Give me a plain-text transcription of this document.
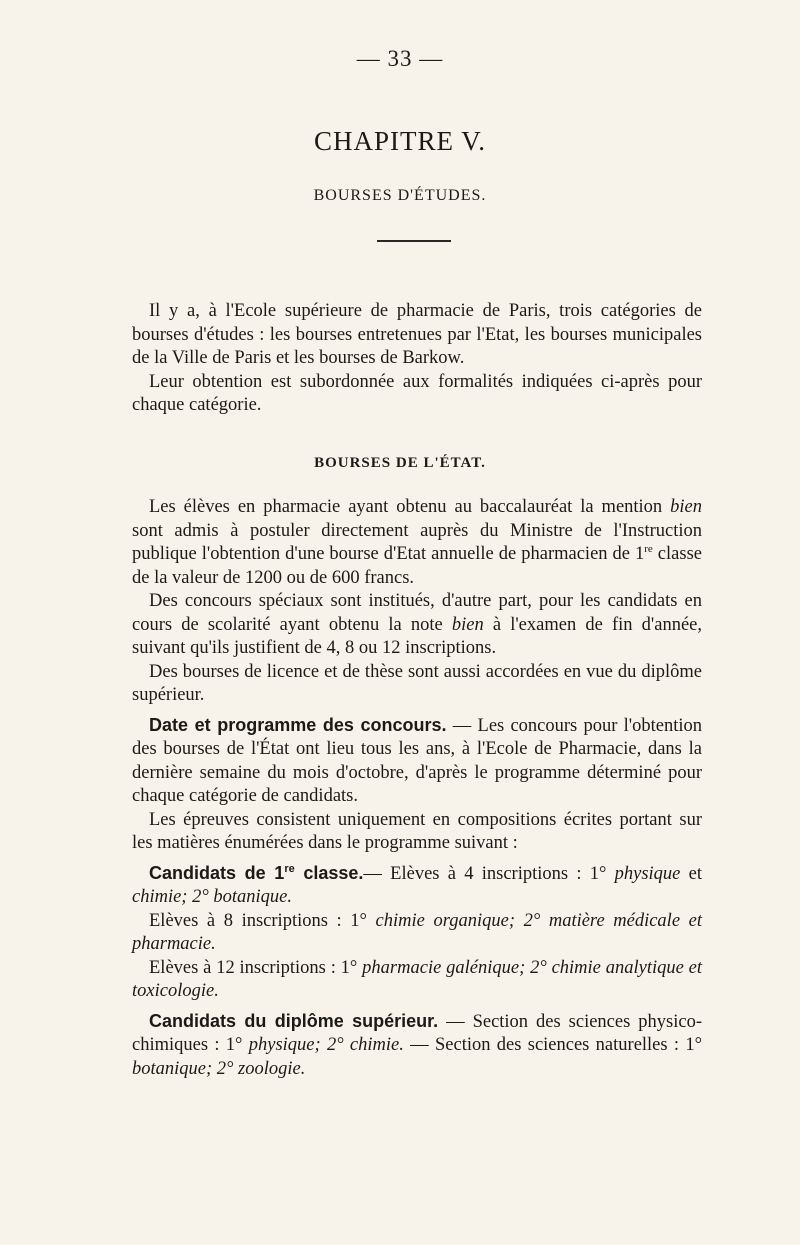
— 33 —
CHAPITRE V.
BOURSES D'ÉTUDES.

Il y a, à l'Ecole supérieure de pharmacie de Paris, trois catégories de bourses d'études : les bourses entretenues par l'Etat, les bourses municipales de la Ville de Paris et les bourses de Barkow.

Leur obtention est subordonnée aux formalités indiquées ci-après pour chaque catégorie.

BOURSES DE L'ÉTAT.

Les élèves en pharmacie ayant obtenu au baccalauréat la mention bien sont admis à postuler directement auprès du Ministre de l'Instruction publique l'obtention d'une bourse d'Etat annuelle de pharmacien de 1re classe de la valeur de 1200 ou de 600 francs.

Des concours spéciaux sont institués, d'autre part, pour les candidats en cours de scolarité ayant obtenu la note bien à l'examen de fin d'année, suivant qu'ils justifient de 4, 8 ou 12 inscriptions.

Des bourses de licence et de thèse sont aussi accordées en vue du diplôme supérieur.

Date et programme des concours. — Les concours pour l'obtention des bourses de l'État ont lieu tous les ans, à l'Ecole de Pharmacie, dans la dernière semaine du mois d'octobre, d'après le programme déterminé pour chaque catégorie de candidats.

Les épreuves consistent uniquement en compositions écrites portant sur les matières énumérées dans le programme suivant :

Candidats de 1re classe.— Elèves à 4 inscriptions : 1° physique et chimie; 2° botanique.

Elèves à 8 inscriptions : 1° chimie organique; 2° matière médicale et pharmacie.

Elèves à 12 inscriptions : 1° pharmacie galénique; 2° chimie analytique et toxicologie.

Candidats du diplôme supérieur. — Section des sciences physico-chimiques : 1° physique; 2° chimie. — Section des sciences naturelles : 1° botanique; 2° zoologie.
